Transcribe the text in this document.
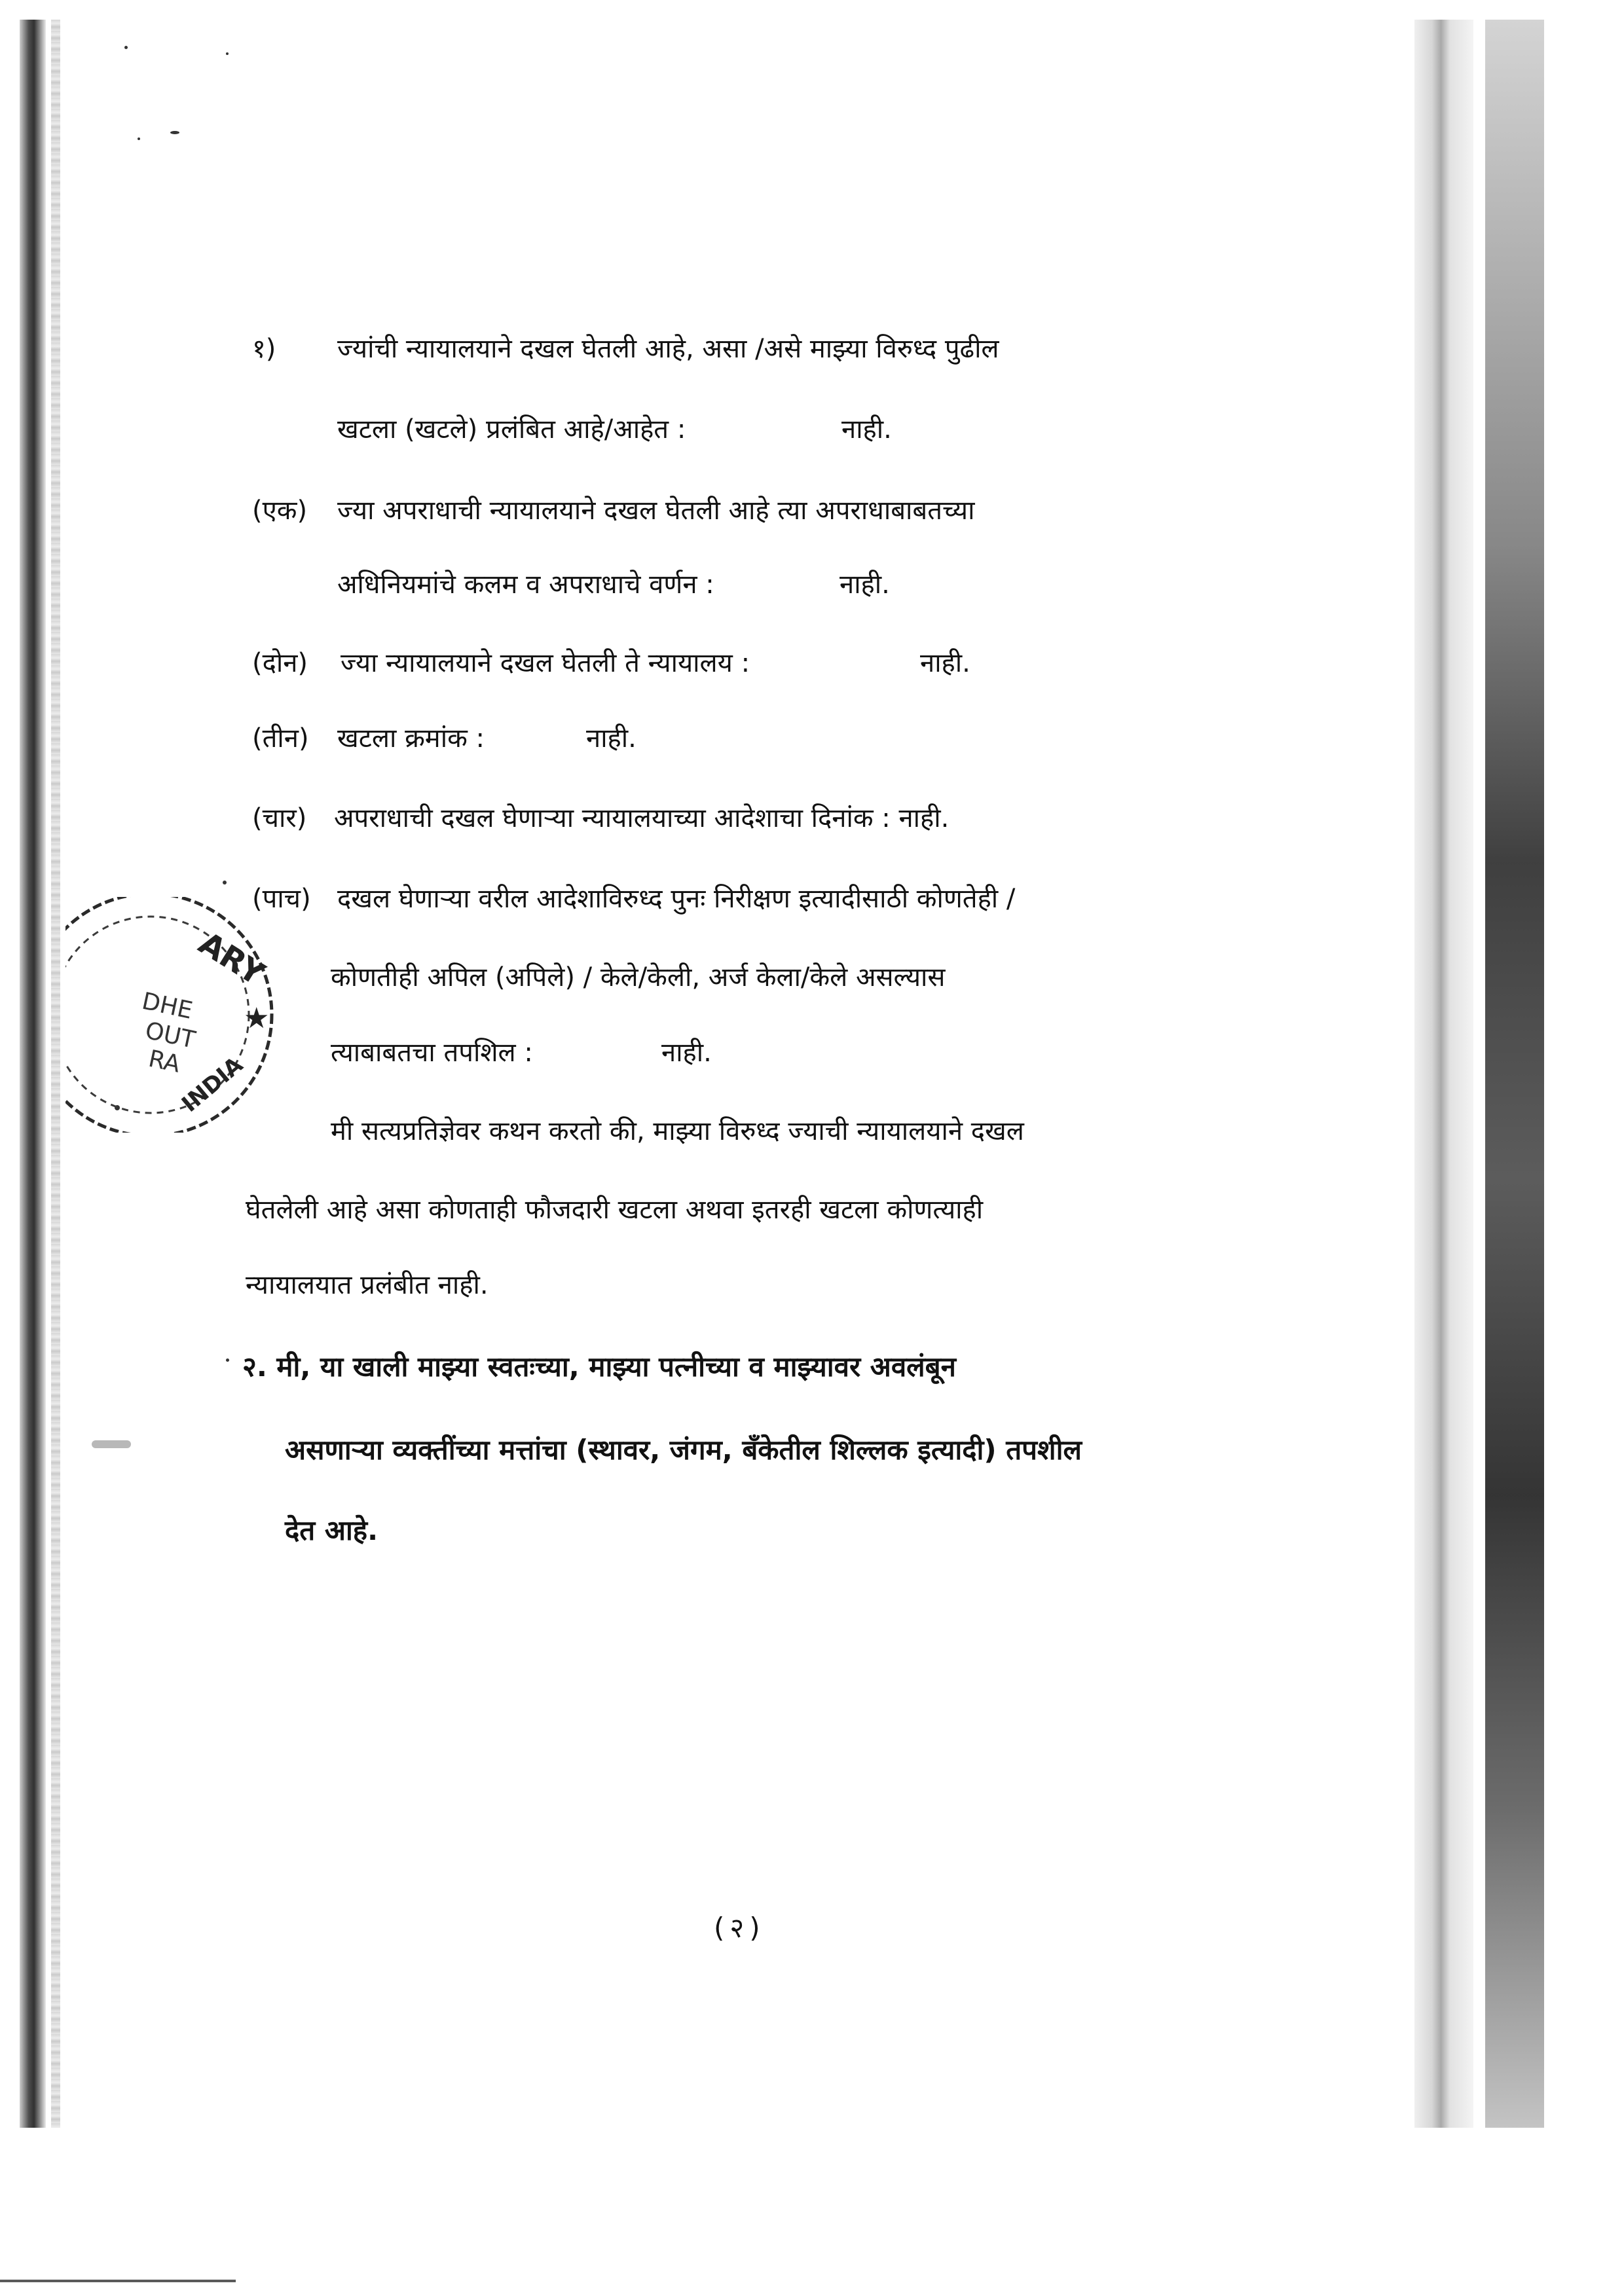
ARY
DHE
OUT
RA
INDIA
★
१) ज्यांची न्यायालयाने दखल घेतली आहे, असा /असे माझ्या विरुध्द पुढील
खटला (खटले) प्रलंबित आहे/आहेत :	नाही.
(एक) ज्या अपराधाची न्यायालयाने दखल घेतली आहे त्या अपराधाबाबतच्या
अधिनियमांचे कलम व अपराधाचे वर्णन :	नाही.
(दोन) ज्या न्यायालयाने दखल घेतली ते न्यायालय :	नाही.
(तीन) खटला क्रमांक :	नाही.
(चार) अपराधाची दखल घेणाऱ्या न्यायालयाच्या आदेशाचा दिनांक : नाही.
(पाच) दखल घेणाऱ्या वरील आदेशाविरुध्द पुनः निरीक्षण इत्यादीसाठी कोणतेही /
कोणतीही अपिल (अपिले) / केले/केली, अर्ज केला/केले असल्यास
त्याबाबतचा तपशिल :	नाही.
मी सत्यप्रतिज्ञेवर कथन करतो की, माझ्या विरुध्द ज्याची न्यायालयाने दखल
घेतलेली आहे असा कोणताही फौजदारी खटला अथवा इतरही खटला कोणत्याही
न्यायालयात प्रलंबीत नाही.
२. मी, या खाली माझ्या स्वतःच्या, माझ्या पत्नीच्या व माझ्यावर अवलंबून
असणाऱ्या व्यक्तींच्या मत्तांचा (स्थावर, जंगम, बँकेतील शिल्लक इत्यादी) तपशील
देत आहे.
(२)
